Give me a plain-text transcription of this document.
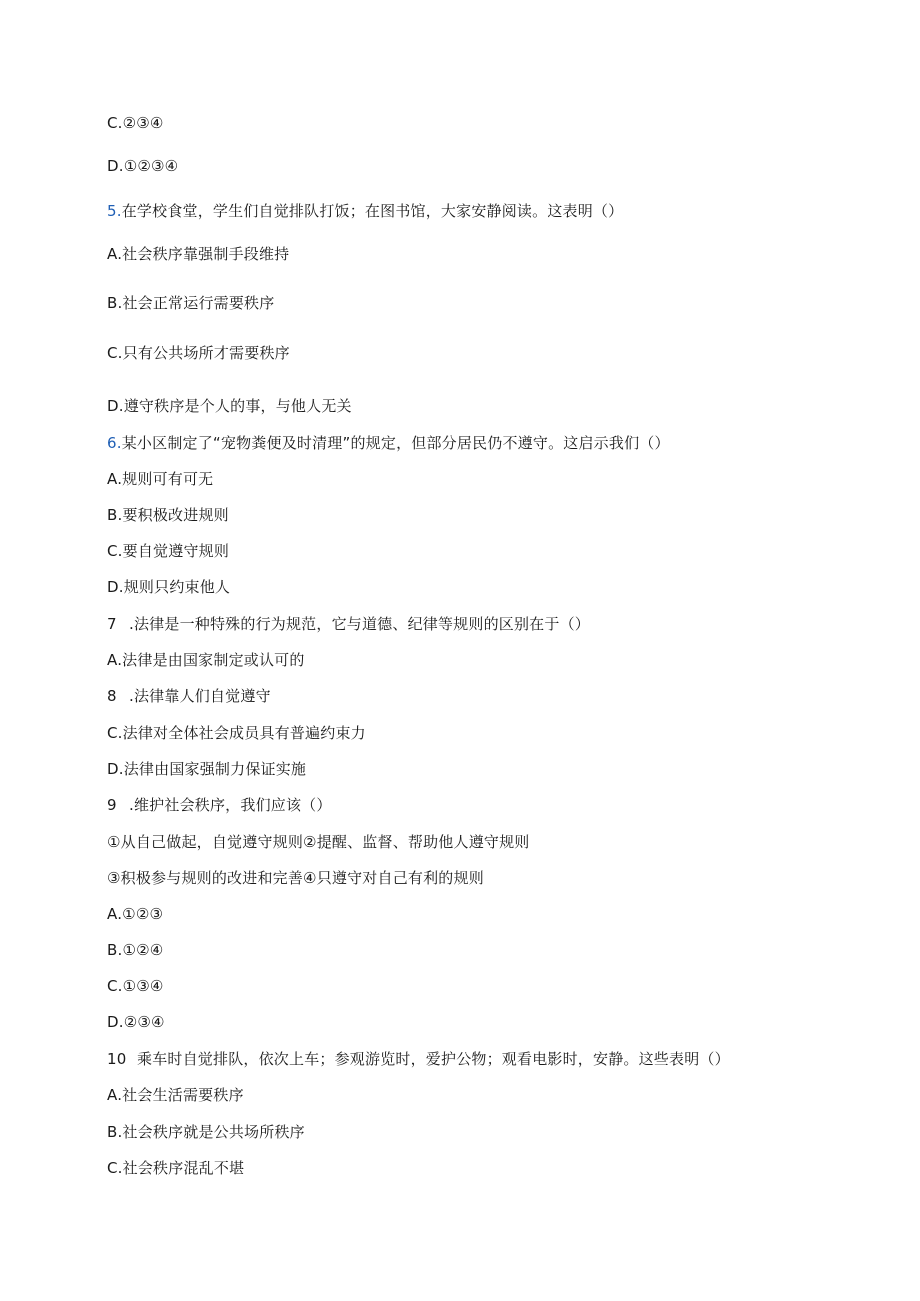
C.②③④
D.①②③④
5.在学校食堂，学生们自觉排队打饭；在图书馆，大家安静阅读。这表明（）
A.社会秩序靠强制手段维持
B.社会正常运行需要秩序
C.只有公共场所才需要秩序
D.遵守秩序是个人的事，与他人无关
6.某小区制定了“宠物粪便及时清理”的规定，但部分居民仍不遵守。这启示我们（）
A.规则可有可无
B.要积极改进规则
C.要自觉遵守规则
D.规则只约束他人
7 .法律是一种特殊的行为规范，它与道德、纪律等规则的区别在于（）
A.法律是由国家制定或认可的
8 .法律靠人们自觉遵守
C.法律对全体社会成员具有普遍约束力
D.法律由国家强制力保证实施
9 .维护社会秩序，我们应该（）
①从自己做起，自觉遵守规则②提醒、监督、帮助他人遵守规则
③积极参与规则的改进和完善④只遵守对自己有利的规则
A.①②③
B.①②④
C.①③④
D.②③④
10 乘车时自觉排队，依次上车；参观游览时，爱护公物；观看电影时，安静。这些表明（）
A.社会生活需要秩序
B.社会秩序就是公共场所秩序
C.社会秩序混乱不堪
